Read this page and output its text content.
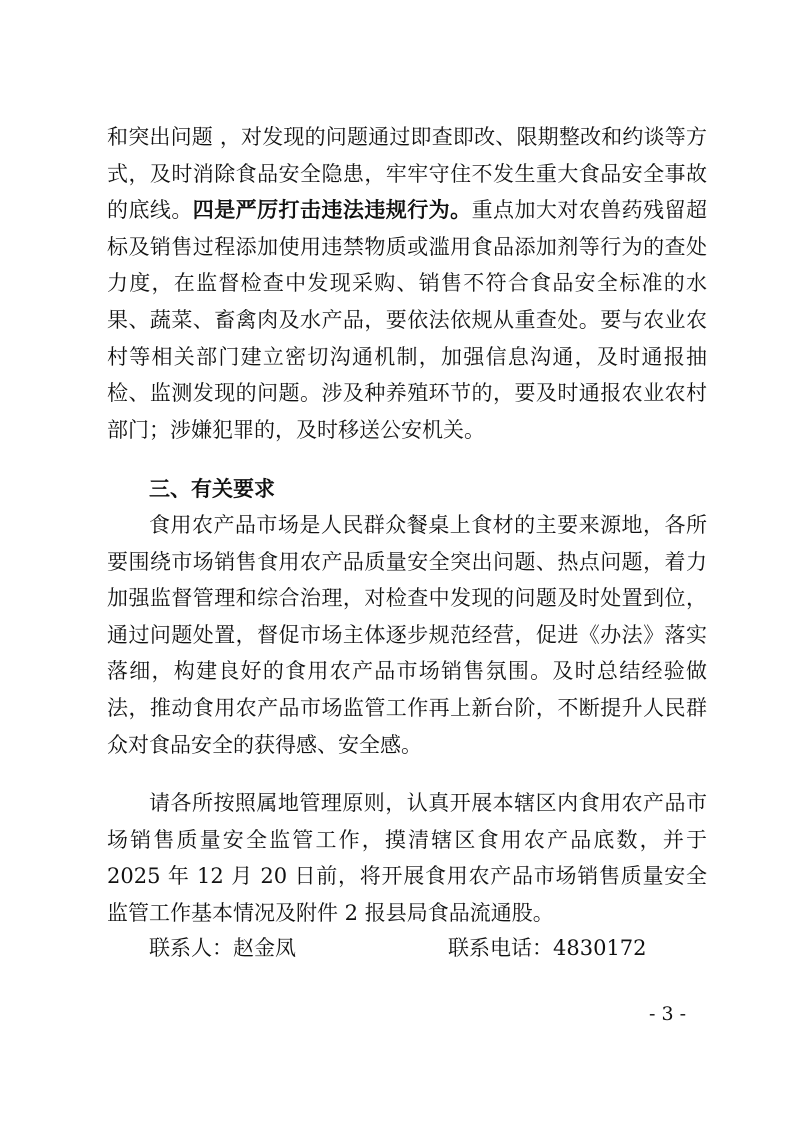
和突出问题 ，对发现的问题通过即查即改、限期整改和约谈等方式，及时消除食品安全隐患，牢牢守住不发生重大食品安全事故的底线。四是严厉打击违法违规行为。重点加大对农兽药残留超标及销售过程添加使用违禁物质或滥用食品添加剂等行为的查处力度，在监督检查中发现采购、销售不符合食品安全标准的水果、蔬菜、畜禽肉及水产品，要依法依规从重查处。要与农业农村等相关部门建立密切沟通机制，加强信息沟通，及时通报抽检、监测发现的问题。涉及种养殖环节的，要及时通报农业农村部门；涉嫌犯罪的，及时移送公安机关。

三、有关要求

食用农产品市场是人民群众餐桌上食材的主要来源地，各所要围绕市场销售食用农产品质量安全突出问题、热点问题，着力加强监督管理和综合治理，对检查中发现的问题及时处置到位，通过问题处置，督促市场主体逐步规范经营，促进《办法》落实落细，构建良好的食用农产品市场销售氛围。及时总结经验做法，推动食用农产品市场监管工作再上新台阶，不断提升人民群众对食品安全的获得感、安全感。

请各所按照属地管理原则，认真开展本辖区内食用农产品市场销售质量安全监管工作，摸清辖区食用农产品底数，并于 2025 年 12 月 20 日前，将开展食用农产品市场销售质量安全监管工作基本情况及附件 2 报县局食品流通股。

联系人：赵金凤	联系电话：4830172
- 3 -
